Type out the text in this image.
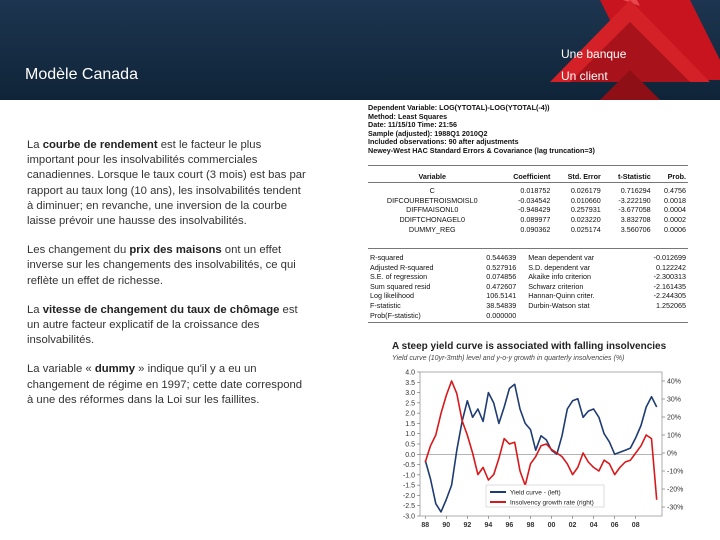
Modèle Canada
Une banque
Un client

La courbe de rendement est le facteur le plus important pour les insolvabilités commerciales canadiennes. Lorsque le taux court (3 mois) est bas par rapport au taux long (10 ans), les insolvabilités tendent à diminuer; en revanche, une inversion de la courbe laisse prévoir une hausse des insolvabilités.

Les changement du prix des maisons ont un effet inverse sur les changements des insolvabilités, ce qui reflète un effet de richesse.

La vitesse de changement du taux de chômage est un autre facteur explicatif de la croissance des insolvabilités.

La variable « dummy » indique qu'il y a eu un changement de régime en 1997; cette date correspond à une des réformes dans la Loi sur les faillites.

Dependent Variable: LOG(YTOTAL)-LOG(YTOTAL(-4))
Method: Least Squares
Date: 11/15/10 Time: 21:56
Sample (adjusted): 1988Q1 2010Q2
Included observations: 90 after adjustments
Newey-West HAC Standard Errors & Covariance (lag truncation=3)
Variable	Coefficient	Std. Error	t-Statistic	Prob.

C	0.018752	0.026179	0.716294	0.4756
DIFCOURBETROISMOISL0	-0.034542	0.010660	-3.222190	0.0018
DIFFMAISONL0	-0.948429	0.257931	-3.677058	0.0004
DDIFTCHONAGEL0	0.089977	0.023220	3.832708	0.0002
DUMMY_REG	0.090362	0.025174	3.560706	0.0006
R-squared	0.544639	Mean dependent var	-0.012699
Adjusted R-squared	0.527916	S.D. dependent var	0.122242
S.E. of regression	0.074856	Akaike info criterion	-2.300313
Sum squared resid	0.472607	Schwarz criterion	-2.161435
Log likelihood	106.5141	Hannan-Quinn criter.	-2.244305
F-statistic	38.54839	Durbin-Watson stat	1.252065
Prob(F-statistic)	0.000000		
A steep yield curve is associated with falling insolvencies
Yield curve (10yr-3mth) level and y-o-y growth in quarterly insolvencies (%)
4.0
3.5
3.0
2.5
2.0
1.5
1.0
0.5
0.0
-0.5
-1.0
-1.5
-2.0
-2.5
-3.0
40%
30%
20%
10%
0%
-10%
-20%
-30%
88 90 92 94 96 98 00 02 04 06 08
Yield curve - (left)
Insolvency growth rate (right)
